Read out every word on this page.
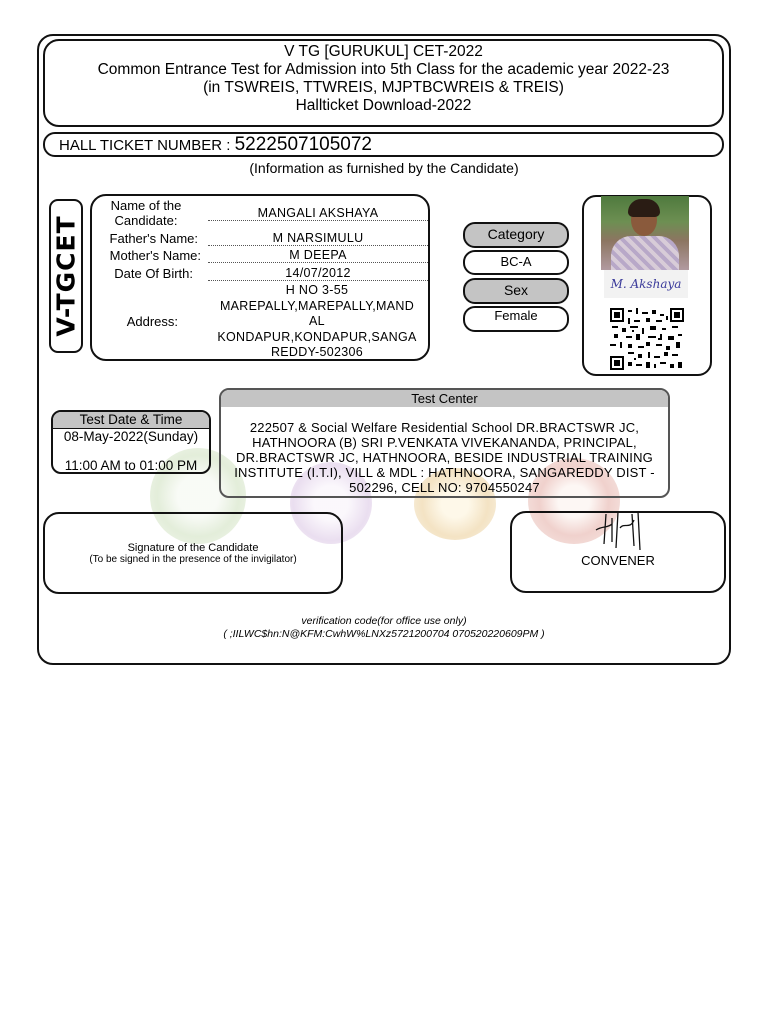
V TG [GURUKUL] CET-2022
Common Entrance Test for Admission into 5th Class for the academic year 2022-23
(in TSWREIS, TTWREIS, MJPTBCWREIS & TREIS)
Hallticket Download-2022
HALL TICKET NUMBER : 5222507105072
(Information as furnished by the Candidate)
V-TGCET
Name of the
Candidate:	MANGALI AKSHAYA
Father's Name:	M NARSIMULU
Mother's Name:	M DEEPA
Date Of Birth:	14/07/2012
Address:
H NO 3-55
MAREPALLY,MAREPALLY,MAND
AL
KONDAPUR,KONDAPUR,SANGA
REDDY-502306
Category
BC-A
Sex
Female
M. Akshaya
Test Date & Time
08-May-2022(Sunday)
11:00 AM to 01:00 PM
Test Center
222507 & Social Welfare Residential School DR.BRACTSWR JC,
HATHNOORA (B) SRI P.VENKATA VIVEKANANDA, PRINCIPAL,
DR.BRACTSWR JC, HATHNOORA, BESIDE INDUSTRIAL TRAINING
INSTITUTE (I.T.I), VILL & MDL : HATHNOORA, SANGAREDDY DIST -
502296, CELL NO: 9704550247
Signature of the Candidate
(To be signed in the presence of the invigilator)	CONVENER
verification code(for office use only)
( ;IILWC$hn:N@KFM:CwhW%LNXz5721200704 070520220609PM )
